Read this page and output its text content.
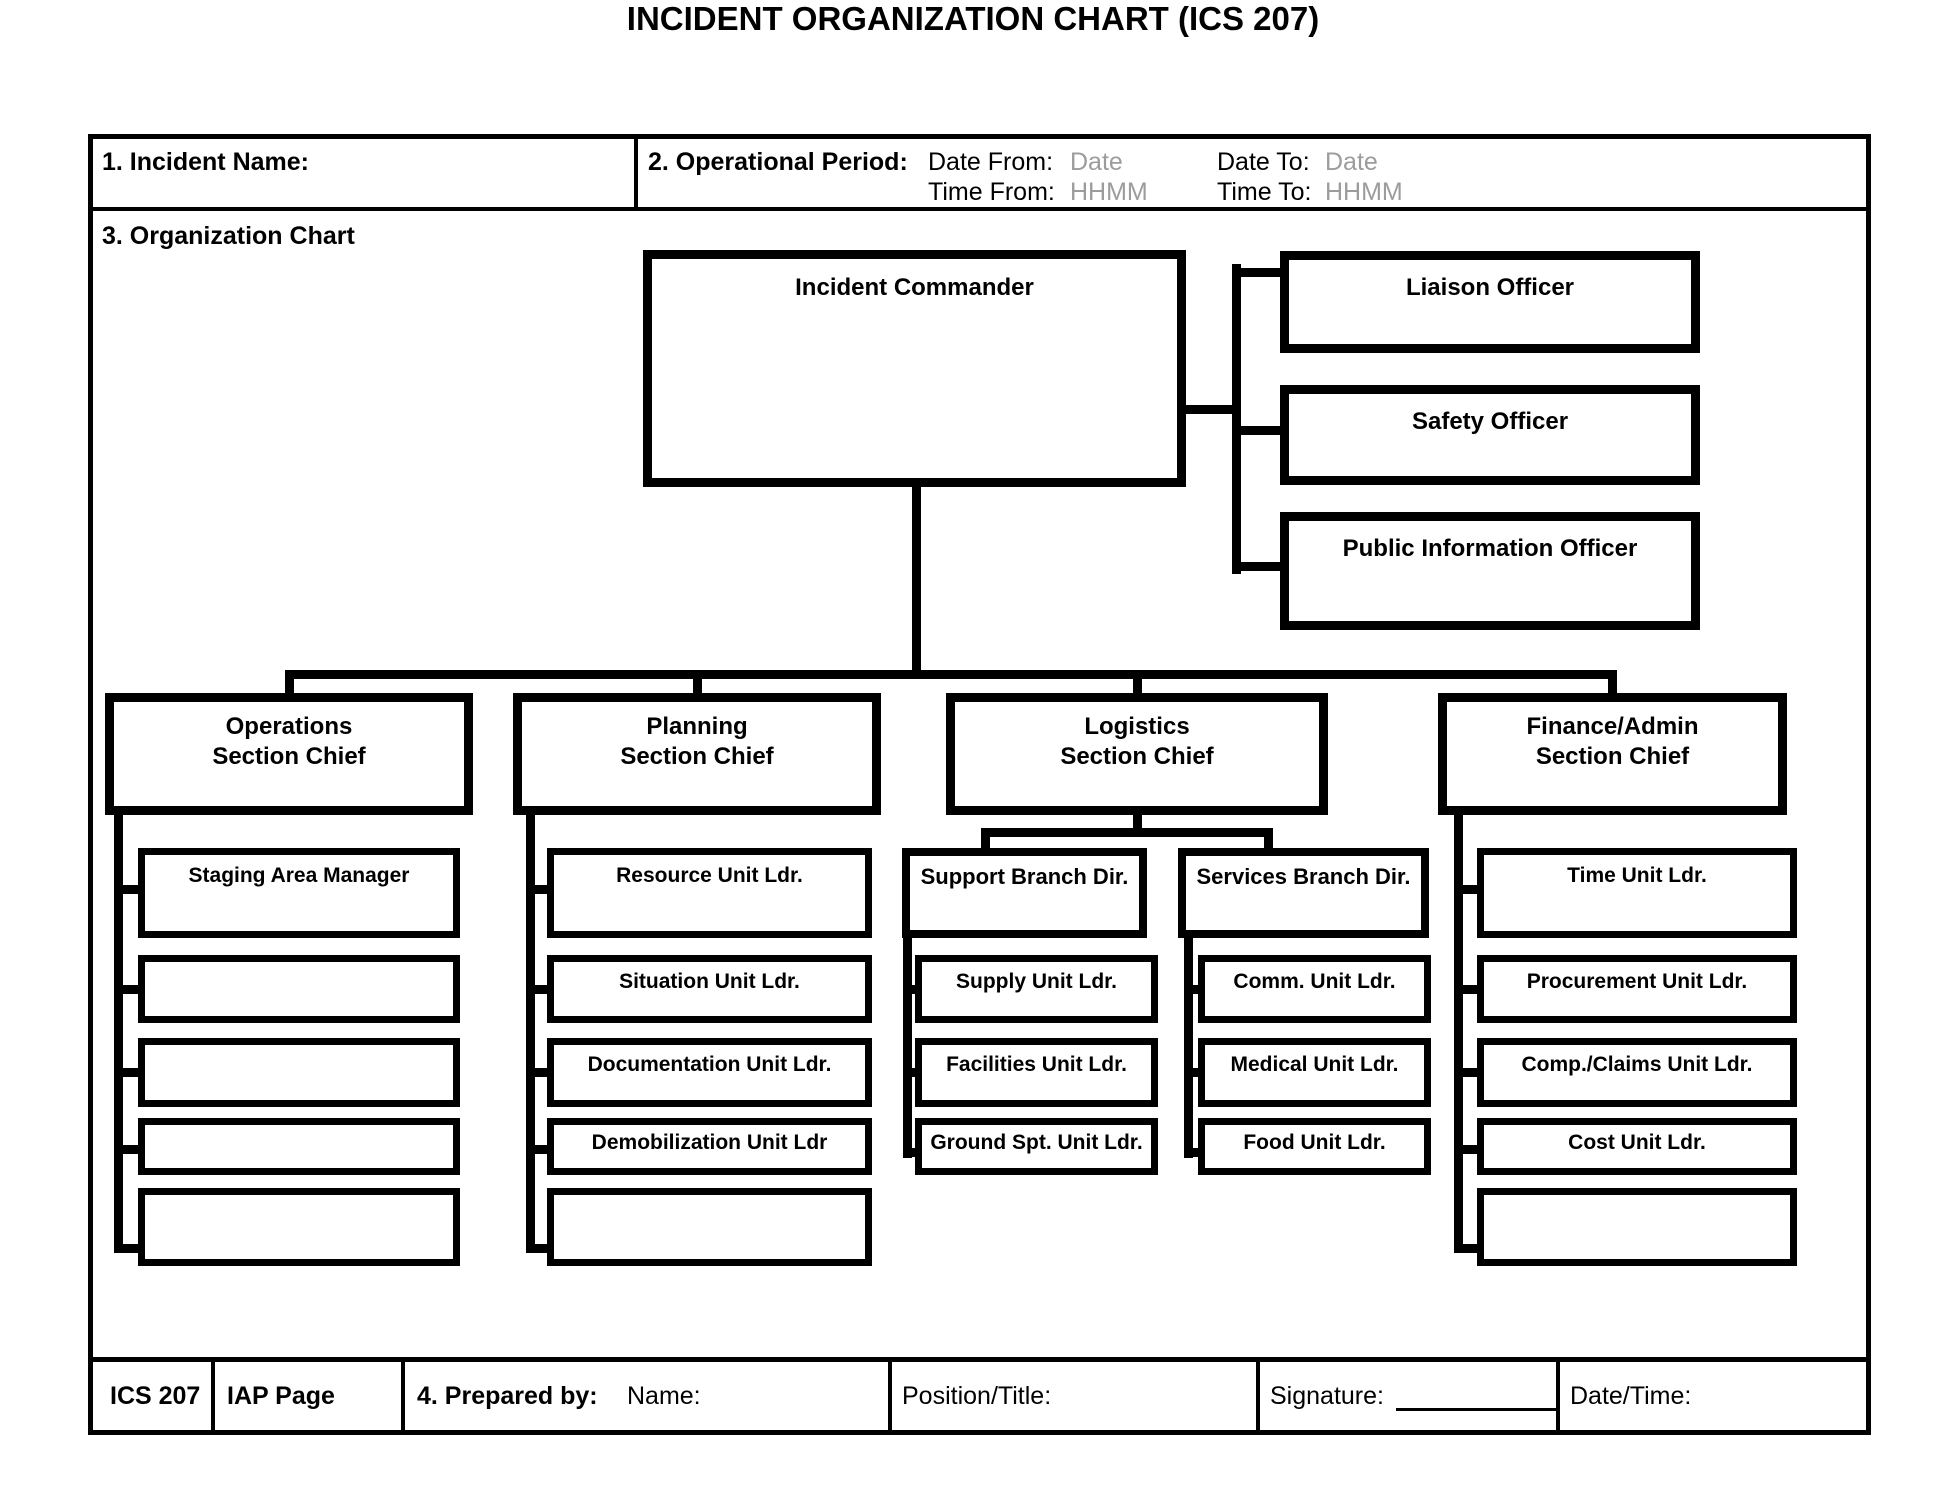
INCIDENT ORGANIZATION CHART (ICS 207)
1. Incident Name:	2. Operational Period: Date From: Date	Date To: Date
Time From: HHMM	Time To: HHMM
3. Organization Chart
Incident Commander	Liaison Officer
Safety Officer
Public Information Officer
Operations
Section Chief
Planning
Section Chief
Logistics
Section Chief
Finance/Admin
Section Chief
Staging Area Manager	Resource Unit Ldr.
Situation Unit Ldr.
Documentation Unit Ldr.
Demobilization Unit Ldr
Support Branch Dir.	Services Branch Dir.
Supply Unit Ldr.
Facilities Unit Ldr.
Ground Spt. Unit Ldr.
Comm. Unit Ldr.
Medical Unit Ldr.
Food Unit Ldr.
Time Unit Ldr.
Procurement Unit Ldr.
Comp./Claims Unit Ldr.
Cost Unit Ldr.
ICS 207 IAP Page	4. Prepared by: Name:	Position/Title:	Signature:	Date/Time:
